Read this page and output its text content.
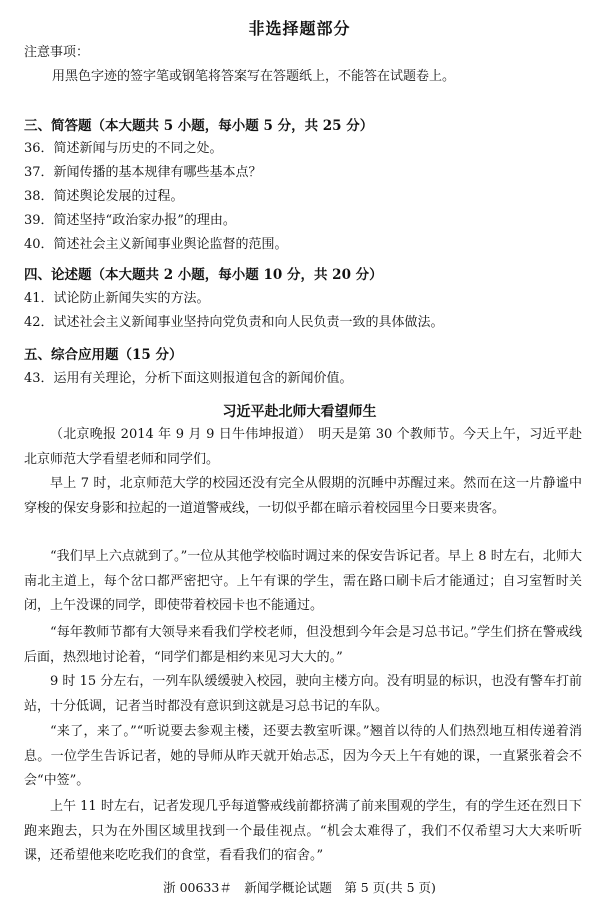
非选择题部分
注意事项：
用黑色字迹的签字笔或钢笔将答案写在答题纸上，不能答在试题卷上。
三、简答题（本大题共 5 小题，每小题 5 分，共 25 分）
36．简述新闻与历史的不同之处。
37．新闻传播的基本规律有哪些基本点？
38．简述舆论发展的过程。
39．简述坚持“政治家办报”的理由。
40．简述社会主义新闻事业舆论监督的范围。
四、论述题（本大题共 2 小题，每小题 10 分，共 20 分）
41．试论防止新闻失实的方法。
42．试述社会主义新闻事业坚持向党负责和向人民负责一致的具体做法。
五、综合应用题（15 分）
43．运用有关理论，分析下面这则报道包含的新闻价值。
习近平赴北师大看望师生
（北京晚报 2014 年 9 月 9 日牛伟坤报道）　明天是第 30 个教师节。今天上午，习近平赴北京师范大学看望老师和同学们。
早上 7 时，北京师范大学的校园还没有完全从假期的沉睡中苏醒过来。然而在这一片静谧中穿梭的保安身影和拉起的一道道警戒线，一切似乎都在暗示着校园里今日要来贵客。
“我们早上六点就到了。”一位从其他学校临时调过来的保安告诉记者。早上 8 时左右，北师大南北主道上，每个岔口都严密把守。上午有课的学生，需在路口刷卡后才能通过；自习室暂时关闭，上午没课的同学，即使带着校园卡也不能通过。
“每年教师节都有大领导来看我们学校老师，但没想到今年会是习总书记。”学生们挤在警戒线后面，热烈地讨论着，“同学们都是相约来见习大大的。”
9 时 15 分左右，一列车队缓缓驶入校园，驶向主楼方向。没有明显的标识，也没有警车打前站，十分低调，记者当时都没有意识到这就是习总书记的车队。
“来了，来了。”“听说要去参观主楼，还要去教室听课。”翘首以待的人们热烈地互相传递着消息。一位学生告诉记者，她的导师从昨天就开始忐忑，因为今天上午有她的课，一直紧张着会不会“中签”。
上午 11 时左右，记者发现几乎每道警戒线前都挤满了前来围观的学生，有的学生还在烈日下跑来跑去，只为在外围区域里找到一个最佳视点。“机会太难得了，我们不仅希望习大大来听听课，还希望他来吃吃我们的食堂，看看我们的宿舍。”
浙 00633＃　新闻学概论试题　第 5 页(共 5 页)
